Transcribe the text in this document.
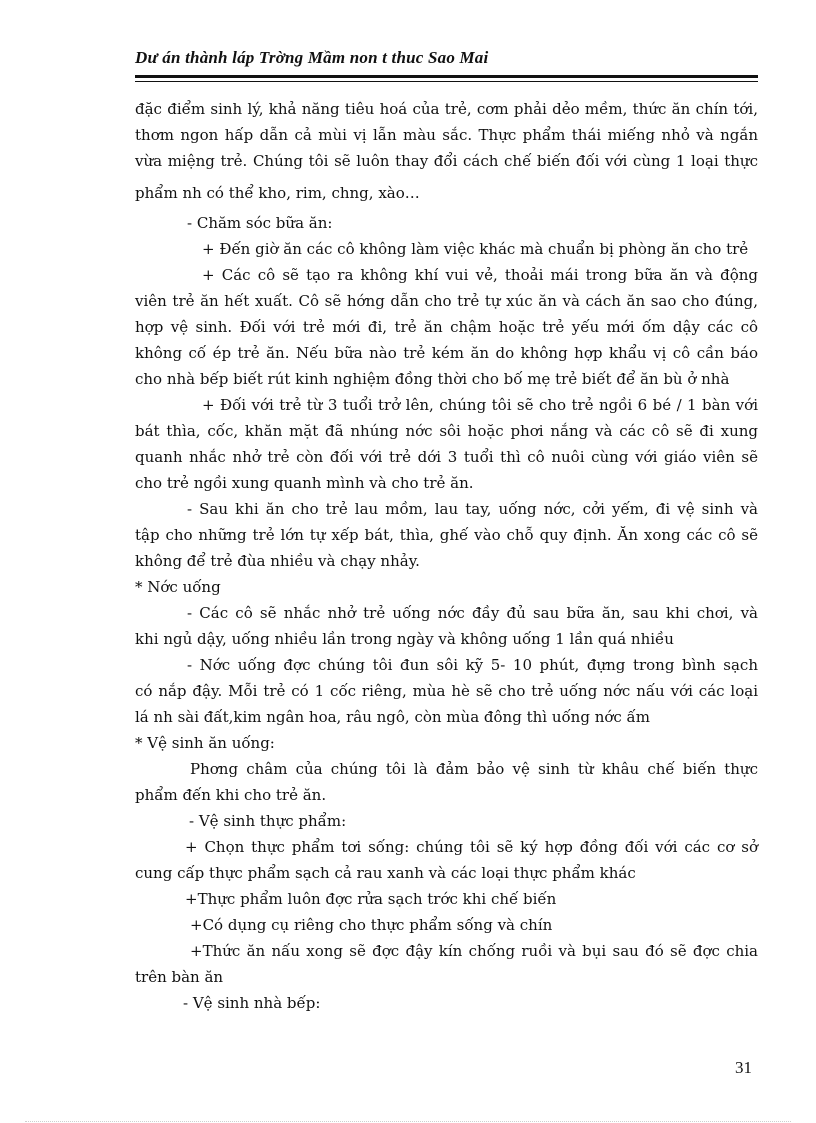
Dư án thành láp Trờng Mầm non t thuc Sao Mai

đặc điểm sinh lý, khả năng tiêu hoá của trẻ, cơm phải dẻo mềm, thức ăn chín tới,

thơm ngon hấp dẫn cả mùi vị lẫn màu sắc. Thực phẩm thái miếng nhỏ và ngắn

vừa miệng trẻ. Chúng tôi sẽ luôn thay đổi cách chế biến đối với cùng 1 loại thực

phẩm nh có thể kho, rim, chng, xào…

- Chăm sóc bữa ăn:

+ Đến giờ ăn các cô không làm việc khác mà chuẩn bị phòng ăn cho trẻ

+ Các cô sẽ tạo ra không khí vui vẻ, thoải mái trong bữa ăn và động

viên trẻ ăn hết xuất. Cô sẽ hớng dẫn cho trẻ tự xúc ăn và cách ăn sao cho đúng,

hợp vệ sinh. Đối với trẻ mới đi, trẻ ăn chậm hoặc trẻ yếu mới ốm dậy các cô

không cố ép trẻ ăn. Nếu bữa nào trẻ kém ăn do không hợp khẩu vị cô cần báo

cho nhà bếp biết rút kinh nghiệm đồng thời cho bố mẹ trẻ biết để ăn bù ở nhà

+ Đối với trẻ từ 3 tuổi trở lên, chúng tôi sẽ cho trẻ ngồi 6 bé / 1 bàn với

bát thìa, cốc, khăn mặt đã nhúng nớc sôi hoặc phơi nắng và các cô sẽ đi xung

quanh nhắc nhở trẻ còn đối với trẻ dới 3 tuổi thì cô nuôi cùng với giáo viên sẽ

cho trẻ ngồi xung quanh mình và cho trẻ ăn.

- Sau khi ăn cho trẻ lau mồm, lau tay, uống nớc, cởi yếm, đi vệ sinh và

tập cho những trẻ lớn tự xếp bát, thìa, ghế vào chỗ quy định. Ăn xong các cô sẽ

không để trẻ đùa nhiều và chạy nhảy.

* Nớc uống

- Các cô sẽ nhắc nhở trẻ uống nớc đầy đủ sau bữa ăn, sau khi chơi, và

khi ngủ dậy, uống nhiều lần trong ngày và không uống 1 lần quá nhiều

- Nớc uống đợc chúng tôi đun sôi kỹ 5- 10 phút, đựng trong bình sạch

có nắp đậy. Mỗi trẻ có 1 cốc riêng, mùa hè sẽ cho trẻ uống nớc nấu với các loại

lá nh sài đất,kim ngân hoa, râu ngô, còn mùa đông thì uống nớc ấm

* Vệ sinh ăn uống:

Phơng châm của chúng tôi là đảm bảo vệ sinh từ khâu chế biến thực

phẩm đến khi cho trẻ ăn.

- Vệ sinh thực phẩm:

+ Chọn thực phẩm tơi sống: chúng tôi sẽ ký hợp đồng đối với các cơ sở

cung cấp thực phẩm sạch cả rau xanh và các loại thực phẩm khác

+Thực phẩm luôn đợc rửa sạch trớc khi chế biến

+Có dụng cụ riêng cho thực phẩm sống và chín

+Thức ăn nấu xong sẽ đợc đậy kín chống ruồi và bụi sau đó sẽ đợc chia

trên bàn ăn

- Vệ sinh nhà bếp:

31
